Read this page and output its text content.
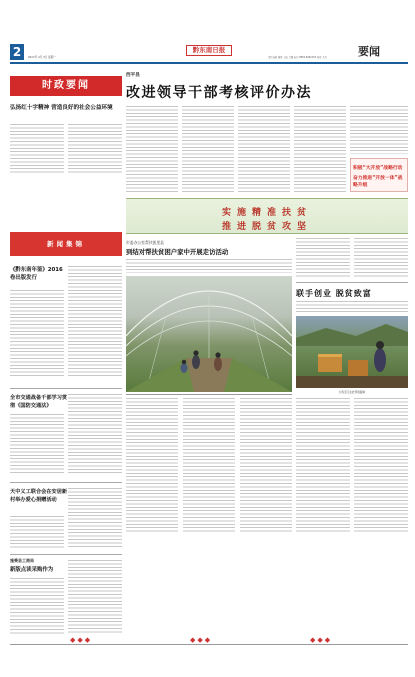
2	2017年 4月 3日 星期一
黔东南日报
责任编辑 杨林 美编 吴刚 电话 0855-8262152 校对 李凡	要闻
时政要闻
弘扬红十字精神 营造良好的社会公益环境
新闻集锦
《黔东南年鉴》2016卷出版发行
全市交通战备千部学习贯彻《国防交通法》
天中义工联合会在安居新村举办爱心捐赠活动
施秉县工商局
新版点读采购作为
西平县
改进领导干部考核评价办法
积极“大开放”战略行动
奋力推进“开放一体”战略升级
实施精准扶贫
推进脱贫攻坚
市委办公室帮扶凯里县
到结对帮扶贫困户家中开展走访活动
联手创业 脱贫致富
村民张卫在此养殖蜜蜂
◆◆◆	◆◆◆	◆◆◆
